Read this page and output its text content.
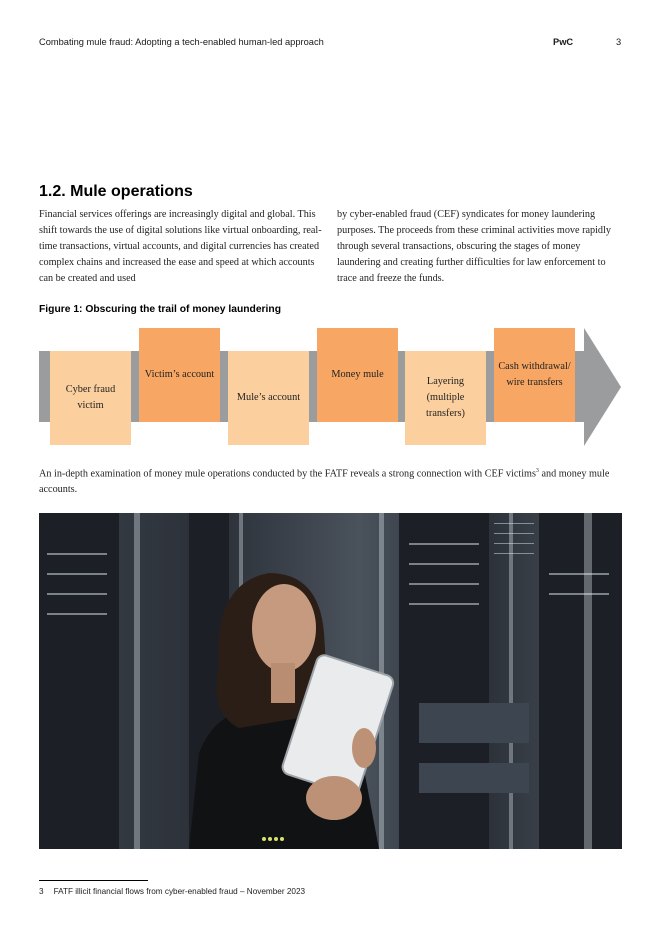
Combating mule fraud: Adopting a tech-enabled human-led approach	PwC	3
1.2. Mule operations
Financial services offerings are increasingly digital and global. This shift towards the use of digital solutions like virtual onboarding, real-time transactions, virtual accounts, and digital currencies has created complex chains and increased the ease and speed at which accounts can be created and used
by cyber-enabled fraud (CEF) syndicates for money laundering purposes. The proceeds from these criminal activities move rapidly through several transactions, obscuring the stages of money laundering and creating further difficulties for law enforcement to trace and freeze the funds.
Figure 1: Obscuring the trail of money laundering
Cyber fraud victim
Victim’s account
Mule’s account
Money mule
Layering (multiple transfers)
Cash withdrawal/ wire transfers
An in-depth examination of money mule operations conducted by the FATF reveals a strong connection with CEF victims$^3$ and money mule accounts.
3 FATF illicit financial flows from cyber-enabled fraud – November 2023
